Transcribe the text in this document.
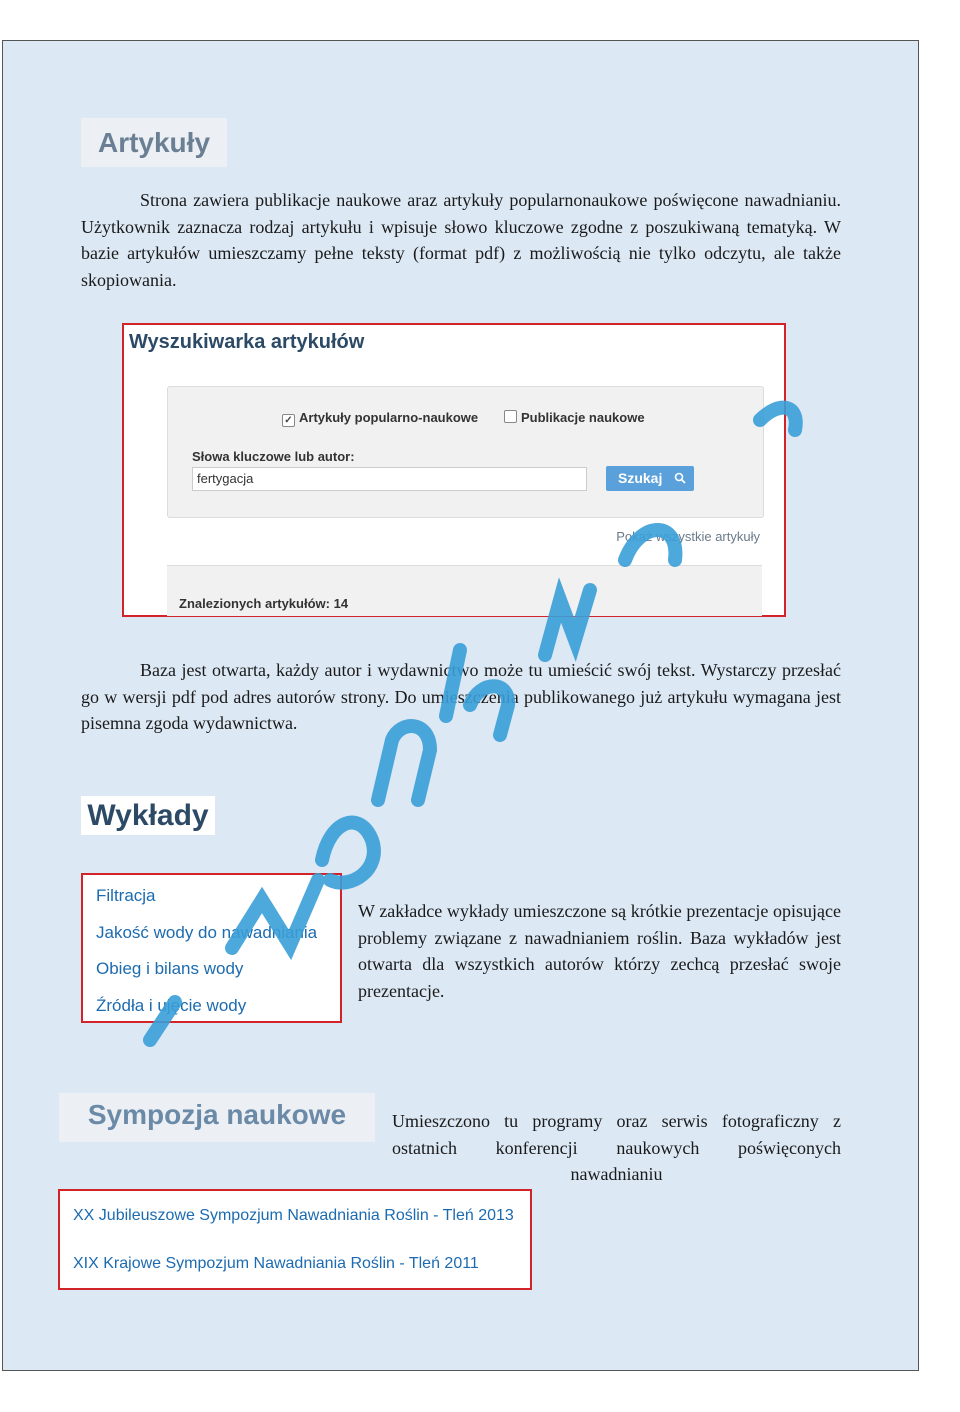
Artykuły

Strona zawiera publikacje naukowe araz artykuły popularnonaukowe poświęcone nawadnianiu. Użytkownik zaznacza rodzaj artykułu i wpisuje słowo kluczowe zgodne z poszukiwaną tematyką. W bazie artykułów umieszczamy pełne teksty (format pdf) z możliwością nie tylko odczytu, ale także skopiowania.

Wyszukiwarka artykułów
✓ Artykuły popularno-naukowe	Publikacje naukowe
Słowa kluczowe lub autor:
fertygacja	Szukaj
Pokaż wszystkie artykuły
Znalezionych artykułów: 14

Baza jest otwarta, każdy autor i wydawnictwo może tu umieścić swój tekst. Wystarczy przesłać go w wersji pdf pod adres autorów strony. Do umieszczenia publikowanego już artykułu wymagana jest pisemna zgoda wydawnictwa.

Wykłady
Filtracja
Jakość wody do nawadniania
Obieg i bilans wody
Źródła i ujęcie wody

W zakładce wykłady umieszczone są krótkie prezentacje opisujące problemy związane z nawadnianiem roślin. Baza wykładów jest otwarta dla wszystkich autorów którzy zechcą przesłać swoje prezentacje.

Sympozja naukowe	Umieszczono tu programy oraz serwis fotograficzny z ostatnich konferencji naukowych poświęconych
nawadnianiu
XX Jubileuszowe Sympozjum Nawadniania Roślin - Tleń 2013
XIX Krajowe Sympozjum Nawadniania Roślin - Tleń 2011
